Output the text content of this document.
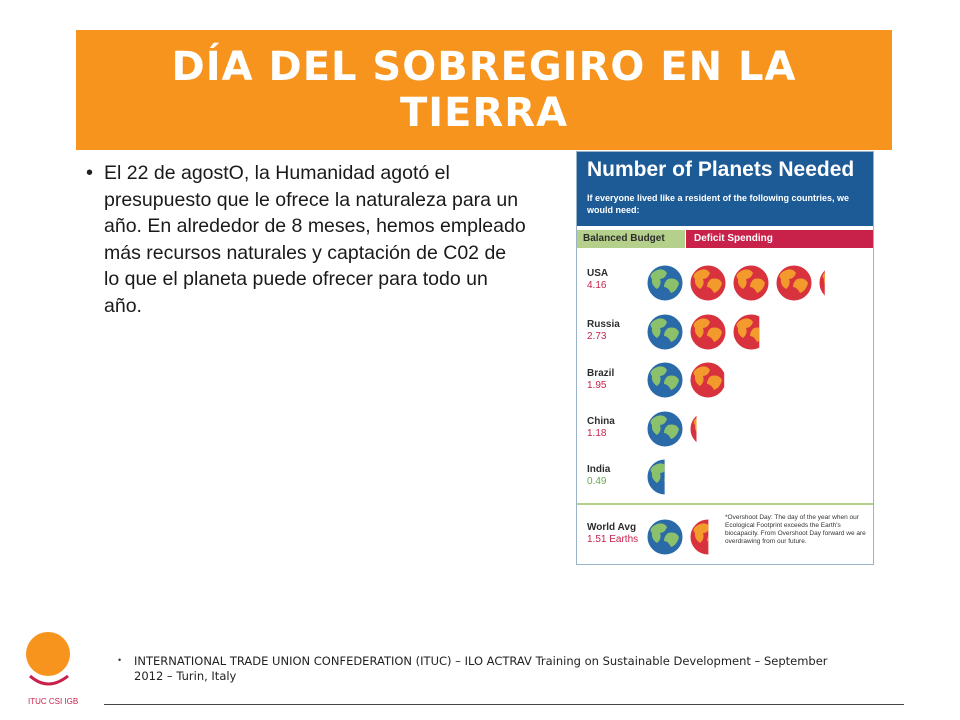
DÍA DEL SOBREGIRO EN LA TIERRA
• El 22 de agostO, la Humanidad agotó el presupuesto que le ofrece la naturaleza para un año. En alrededor de 8 meses, hemos empleado más recursos naturales y captación de C02 de lo que el planeta puede ofrecer para todo un año.
Number of Planets Needed
If everyone lived like a resident of the following countries, we would need:
Balanced Budget	Deficit Spending
USA
4.16
Russia
2.73
Brazil
1.95
China
1.18
India
0.49
World Avg
1.51 Earths
*Overshoot Day: The day of the year when our Ecological Footprint exceeds the Earth's biocapacity. From Overshoot Day forward we are overdrawing from our future.
ITUC CSI IGB
• INTERNATIONAL TRADE UNION CONFEDERATION (ITUC) – ILO ACTRAV Training on Sustainable Development – September 2012 – Turin, Italy
